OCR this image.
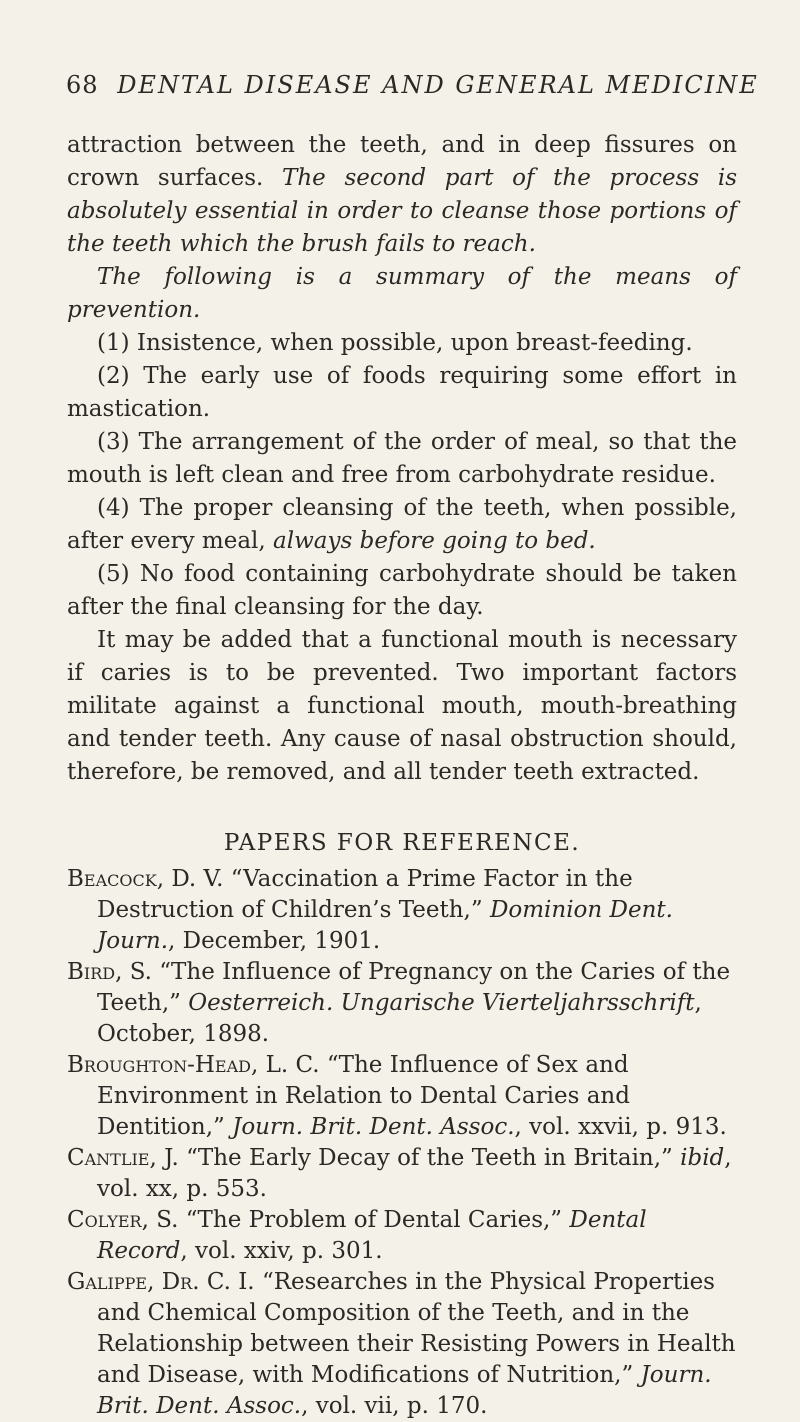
68 DENTAL DISEASE AND GENERAL MEDICINE

attraction between the teeth, and in deep fissures on crown surfaces. The second part of the process is absolutely essential in order to cleanse those portions of the teeth which the brush fails to reach.

The following is a summary of the means of prevention.

(1) Insistence, when possible, upon breast-feeding.

(2) The early use of foods requiring some effort in mastication.

(3) The arrangement of the order of meal, so that the mouth is left clean and free from carbohydrate residue.

(4) The proper cleansing of the teeth, when possible, after every meal, always before going to bed.

(5) No food containing carbohydrate should be taken after the final cleansing for the day.

It may be added that a functional mouth is necessary if caries is to be prevented. Two important factors militate against a functional mouth, mouth-breathing and tender teeth. Any cause of nasal obstruction should, therefore, be removed, and all tender teeth extracted.

PAPERS FOR REFERENCE.

Beacock, D. V. “Vaccination a Prime Factor in the Destruction of Children’s Teeth,” Dominion Dent. Journ., December, 1901.

Bird, S. “The Influence of Pregnancy on the Caries of the Teeth,” Oesterreich. Ungarische Vierteljahrsschrift, October, 1898.

Broughton-Head, L. C. “The Influence of Sex and Environment in Relation to Dental Caries and Dentition,” Journ. Brit. Dent. Assoc., vol. xxvii, p. 913.

Cantlie, J. “The Early Decay of the Teeth in Britain,” ibid, vol. xx, p. 553.

Colyer, S. “The Problem of Dental Caries,” Dental Record, vol. xxiv, p. 301.

Galippe, Dr. C. I. “Researches in the Physical Properties and Chemical Composition of the Teeth, and in the Relationship between their Resisting Powers in Health and Disease, with Modifications of Nutrition,” Journ. Brit. Dent. Assoc., vol. vii, p. 170.
